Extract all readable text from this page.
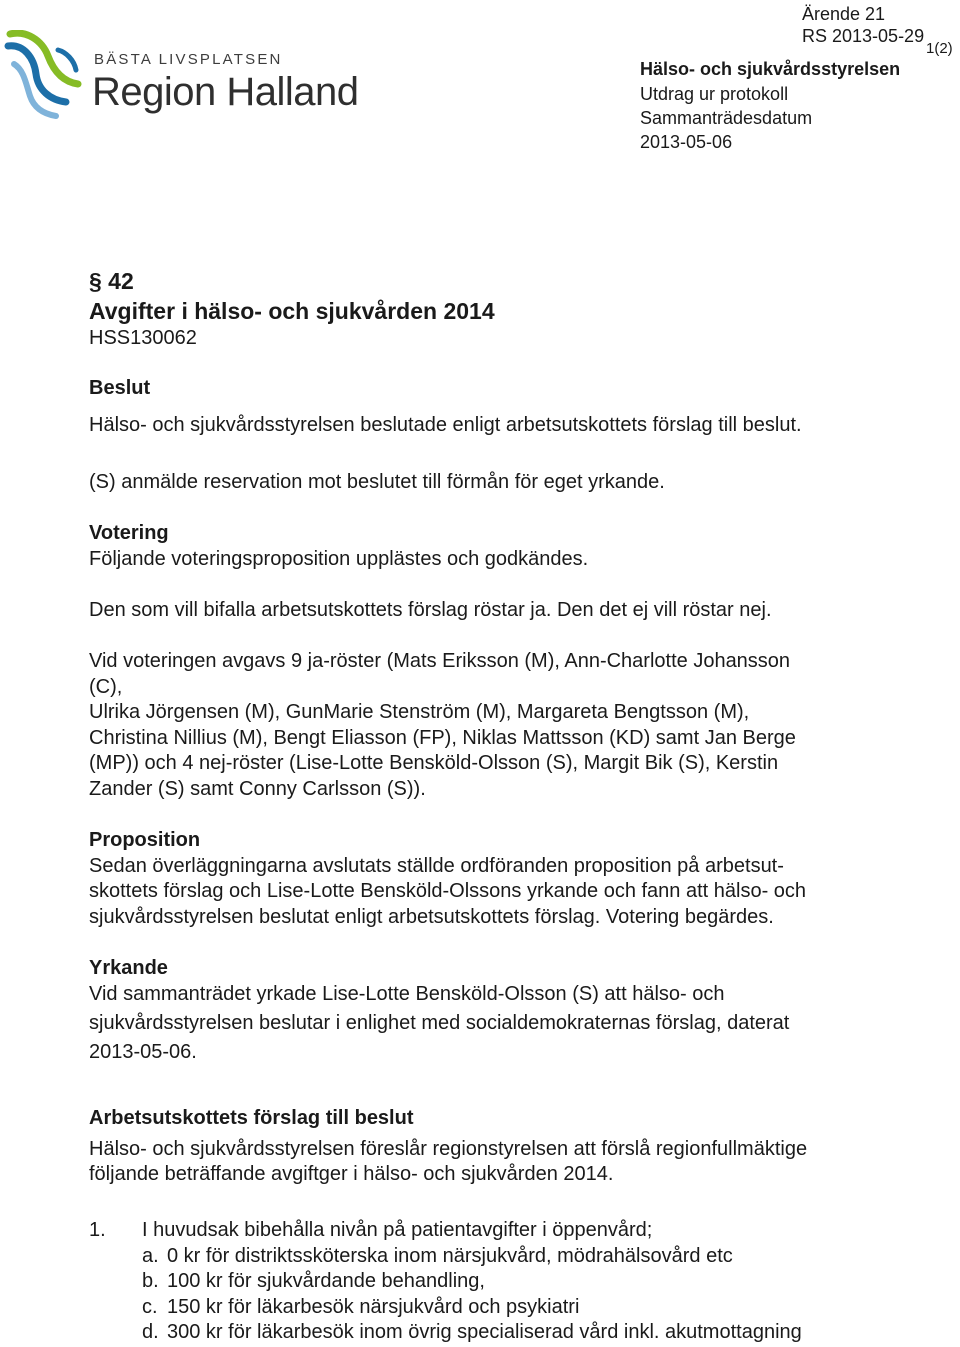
BÄSTA LIVSPLATSEN
Region Halland
Ärende 21
RS 2013-05-29
1(2)
Hälso- och sjukvårdsstyrelsen
Utdrag ur protokoll
Sammanträdesdatum
2013-05-06
§ 42
Avgifter i hälso- och sjukvården 2014
HSS130062
Beslut
Hälso- och sjukvårdsstyrelsen beslutade enligt arbetsutskottets förslag till beslut.
(S) anmälde reservation mot beslutet till förmån för eget yrkande.
Votering
Följande voteringsproposition upplästes och godkändes.
Den som vill bifalla arbetsutskottets förslag röstar ja. Den det ej vill röstar nej.
Vid voteringen avgavs 9 ja-röster (Mats Eriksson (M), Ann-Charlotte Johansson
(C),
Ulrika Jörgensen (M), GunMarie Stenström (M), Margareta Bengtsson (M),
Christina Nillius (M), Bengt Eliasson (FP), Niklas Mattsson (KD) samt Jan Berge
(MP)) och 4 nej-röster (Lise-Lotte Bensköld-Olsson (S), Margit Bik (S), Kerstin
Zander (S) samt Conny Carlsson (S)).
Proposition
Sedan överläggningarna avslutats ställde ordföranden proposition på arbetsut-
skottets förslag och Lise-Lotte Bensköld-Olssons yrkande och fann att hälso- och
sjukvårdsstyrelsen beslutat enligt arbetsutskottets förslag. Votering begärdes.
Yrkande
Vid sammanträdet yrkade Lise-Lotte Bensköld-Olsson (S) att hälso- och
sjukvårdsstyrelsen beslutar i enlighet med socialdemokraternas förslag, daterat
2013-05-06.
Arbetsutskottets förslag till beslut
Hälso- och sjukvårdsstyrelsen föreslår regionstyrelsen att förslå regionfullmäktige
följande beträffande avgiftger i hälso- och sjukvården 2014.
1. I huvudsak bibehålla nivån på patientavgifter i öppenvård;
a. 0 kr för distriktssköterska inom närsjukvård, mödrahälsovård etc
b. 100 kr för sjukvårdande behandling,
c. 150 kr för läkarbesök närsjukvård och psykiatri
d. 300 kr för läkarbesök inom övrig specialiserad vård inkl. akutmottagning
